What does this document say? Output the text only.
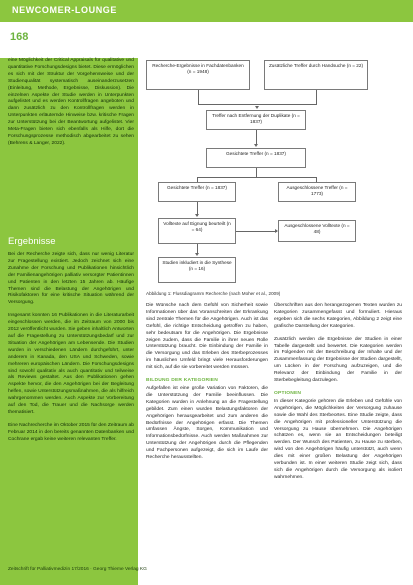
NEWCOMER-LOUNGE
168

eine Möglichkeit der Critical Appraisals für qualitative und quantitative Forschungsdesigns bietet. Diese ermöglichen es sich mit der Struktur der Vorgehensweise und der Studienqualität systematisch auseinanderzusetzen (Einleitung, Methode, Ergebnisse, Diskussion). Die einzelnen Aspekte der Studie werden in Unterpunkten aufgelistet und es werden Kontrollfragen angeboten und dann zusätzlich zu den Kontrollfragen werden in Unterpunkten erläuternde Hinweise bzw. kritische Fragen zur Unterstützung bei der Beantwortung aufgelistet. Vier Meta-Fragen bieten sich ebenfalls als Hilfe, dort die Forschungsprozesse methodisch abgearbeitet zu sehen (Behrens & Langer, 2022).

Ergebnisse

Bei der Recherche zeigte sich, dass nur wenig Literatur zur Fragestellung existiert. Jedoch zeichnet sich eine Zunahme der Forschung und Publikationen hinsichtlich der Familienangehörigen palliativ versorgter Patientinnen und Patienten in den letzten 15 Jahren ab. Häufige Themen sind die Belastung der Angehörigen und Risikofaktoren für eine kritische Situation während der Versorgung.

Insgesamt konnten 16 Publikationen in die Literaturarbeit eingeschlossen werden, die im Zeitraum von 2000 bis 2012 veröffentlicht wurden. Sie geben inhaltlich Antworten auf die Fragestellung zu Unterstützungsbedarf und zur Situation der Angehörigen am Lebensende. Die Studien wurden in verschiedenen Ländern durchgeführt, unter anderem in Kanada, den USA und Schweden, sowie mehreren europäischen Ländern. Die Forschungsdesigns sind sowohl qualitativ als auch quantitativ und teilweise als Reviews gestaltet. Aus den Publikationen gehen Aspekte hervor, die den Angehörigen bei der Begleitung helfen, sowie Unterstützungsmaßnahmen, die als hilfreich wahrgenommen werden. Auch Aspekte zur Vorbereitung auf den Tod, die Trauer und die Nachsorge werden thematisiert.

Eine Nachrecherche im Oktober 2015 für den Zeitraum ab Februar 2014 in den bereits genannten Datenbanken und Cochrane ergab keine weiteren relevanten Treffer.

Recherche-Ergebnisse in Fachdatenbanken (n = 1948)
Zusätzliche Treffer durch Handsuche (n = 22)
Treffer nach Entfernung der Duplikate (n = 1837)
Gesichtete Treffer (n = 1837)
Gesichtete Treffer (n = 1837)	Ausgeschlossene Treffer (n = 1773)
Volltexte auf Eignung beurteilt (n = 64)
Ausgeschlossene Volltexte (n = 48)
Studien inkludiert in die Synthese (n = 16)
Abbildung 1: Flussdiagramm Recherche (nach Moher et al., 2009)

Die Wünsche nach dem Gefühl von Sicherheit sowie Informationen über das Voranschreiten der Erkrankung sind zentrale Themen für die Angehörigen. Auch ist das Gefühl, die richtige Entscheidung getroffen zu haben, sehr bedeutsam für die Angehörigen. Die Ergebnisse zeigen zudem, dass die Familie in ihrer neuen Rolle Unterstützung braucht. Die Einbindung der Familie in die Versorgung und das Erleben des Sterbeprozesses im häuslichen Umfeld bringt viele Herausforderungen mit sich, auf die sie vorbereitet werden müssen.

BILDUNG DER KATEGORIEN

Aufgefallen ist eine große Variation von Faktoren, die die Unterstützung der Familie beeinflussen. Die Kategorien wurden in Anlehnung an die Fragestellung gebildet. Zum einen wurden Belastungsfaktoren der Angehörigen herausgearbeitet und zum anderen die Bedürfnisse der Angehörigen erfasst. Die Themen umfassen Ängste, Sorgen, Kommunikation und Informationsbedürfnisse. Auch werden Maßnahmen zur Unterstützung der Angehörigen durch die Pflegenden und Fachpersonen aufgezeigt, die sich im Laufe der Recherche herausstellten.

Überschriften aus den herangezogenen Texten wurden zu Kategorien zusammengefasst und formuliert. Hieraus ergeben sich die sechs Kategorien, Abbildung 2 zeigt eine grafische Darstellung der Kategorien.

Zusätzlich werden die Ergebnisse der Studien in einer Tabelle dargestellt und bewertet. Die Kategorien werden im Folgenden mit der Beschreibung der Inhalte und der Zusammenfassung der Ergebnisse der Studien dargestellt, um Lücken in der Forschung aufzuzeigen, und die Relevanz der Einbindung der Familie in der Sterbebegleitung darzulegen.

OPTIONEN

In dieser Kategorie gehören die Erleben und Gefühle von Angehörigen, die Möglichkeiten der Versorgung zuhause sowie die Wahl des Sterbeortes. Eine Studie zeigte, dass die Angehörigen mit professioneller Unterstützung die Versorgung zu Hause übernehmen. Die Angehörigen schätzen es, wenn sie an Entscheidungen beteiligt werden. Der Wunsch des Patienten, zu Hause zu sterben, wird von den Angehörigen häufig unterstützt, auch wenn dies mit einer großen Belastung der Angehörigen verbunden ist. In einer weiteren Studie zeigt sich, dass sich die Angehörigen durch die Versorgung als isoliert wahrnehmen.

Zeitschrift für Palliativmedizin 17/2016 · Georg Thieme Verlag KG
